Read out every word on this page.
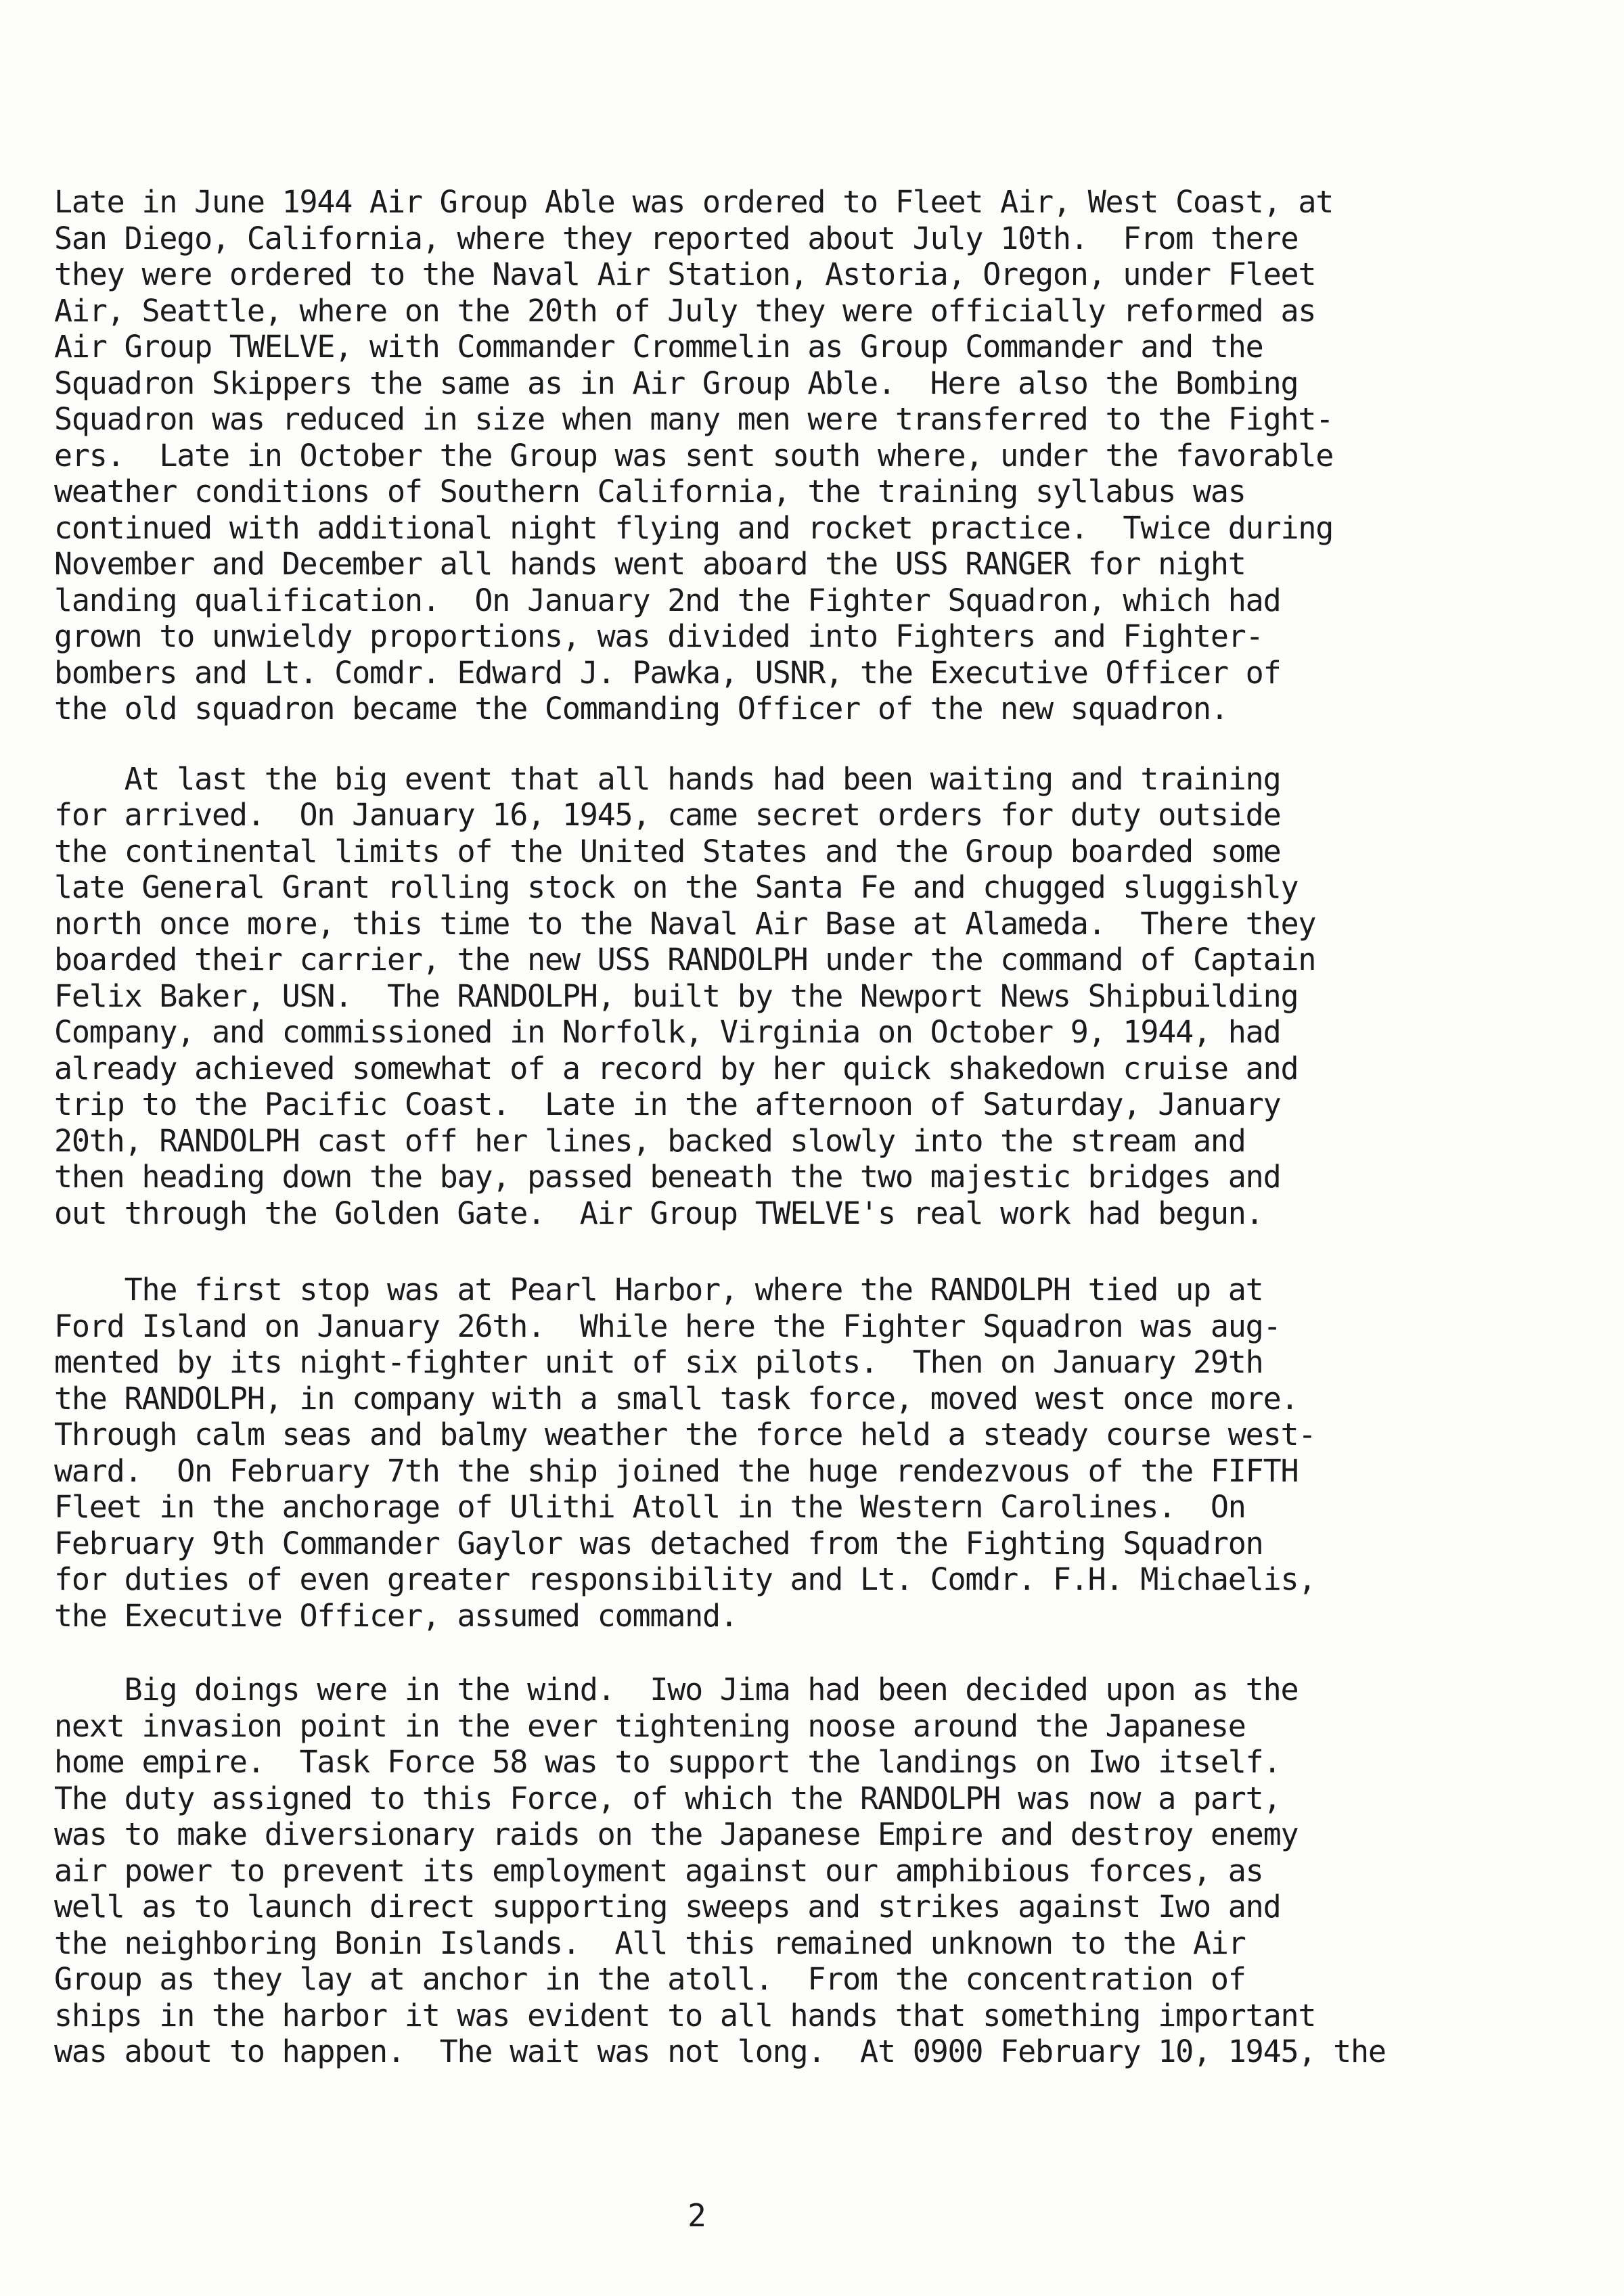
Late in June 1944 Air Group Able was ordered to Fleet Air, West Coast, at
San Diego, California, where they reported about July 10th.  From there
they were ordered to the Naval Air Station, Astoria, Oregon, under Fleet
Air, Seattle, where on the 20th of July they were officially reformed as
Air Group TWELVE, with Commander Crommelin as Group Commander and the
Squadron Skippers the same as in Air Group Able.  Here also the Bombing
Squadron was reduced in size when many men were transferred to the Fight-
ers.  Late in October the Group was sent south where, under the favorable
weather conditions of Southern California, the training syllabus was
continued with additional night flying and rocket practice.  Twice during
November and December all hands went aboard the USS RANGER for night
landing qualification.  On January 2nd the Fighter Squadron, which had
grown to unwieldy proportions, was divided into Fighters and Fighter-
bombers and Lt. Comdr. Edward J. Pawka, USNR, the Executive Officer of
the old squadron became the Commanding Officer of the new squadron.

At last the big event that all hands had been waiting and training
for arrived.  On January 16, 1945, came secret orders for duty outside
the continental limits of the United States and the Group boarded some
late General Grant rolling stock on the Santa Fe and chugged sluggishly
north once more, this time to the Naval Air Base at Alameda.  There they
boarded their carrier, the new USS RANDOLPH under the command of Captain
Felix Baker, USN.  The RANDOLPH, built by the Newport News Shipbuilding
Company, and commissioned in Norfolk, Virginia on October 9, 1944, had
already achieved somewhat of a record by her quick shakedown cruise and
trip to the Pacific Coast.  Late in the afternoon of Saturday, January
20th, RANDOLPH cast off her lines, backed slowly into the stream and
then heading down the bay, passed beneath the two majestic bridges and
out through the Golden Gate.  Air Group TWELVE's real work had begun.

The first stop was at Pearl Harbor, where the RANDOLPH tied up at
Ford Island on January 26th.  While here the Fighter Squadron was aug-
mented by its night-fighter unit of six pilots.  Then on January 29th
the RANDOLPH, in company with a small task force, moved west once more.
Through calm seas and balmy weather the force held a steady course west-
ward.  On February 7th the ship joined the huge rendezvous of the FIFTH
Fleet in the anchorage of Ulithi Atoll in the Western Carolines.  On
February 9th Commander Gaylor was detached from the Fighting Squadron
for duties of even greater responsibility and Lt. Comdr. F.H. Michaelis,
the Executive Officer, assumed command.

Big doings were in the wind.  Iwo Jima had been decided upon as the
next invasion point in the ever tightening noose around the Japanese
home empire.  Task Force 58 was to support the landings on Iwo itself.
The duty assigned to this Force, of which the RANDOLPH was now a part,
was to make diversionary raids on the Japanese Empire and destroy enemy
air power to prevent its employment against our amphibious forces, as
well as to launch direct supporting sweeps and strikes against Iwo and
the neighboring Bonin Islands.  All this remained unknown to the Air
Group as they lay at anchor in the atoll.  From the concentration of
ships in the harbor it was evident to all hands that something important
was about to happen.  The wait was not long.  At 0900 February 10, 1945, the

2
